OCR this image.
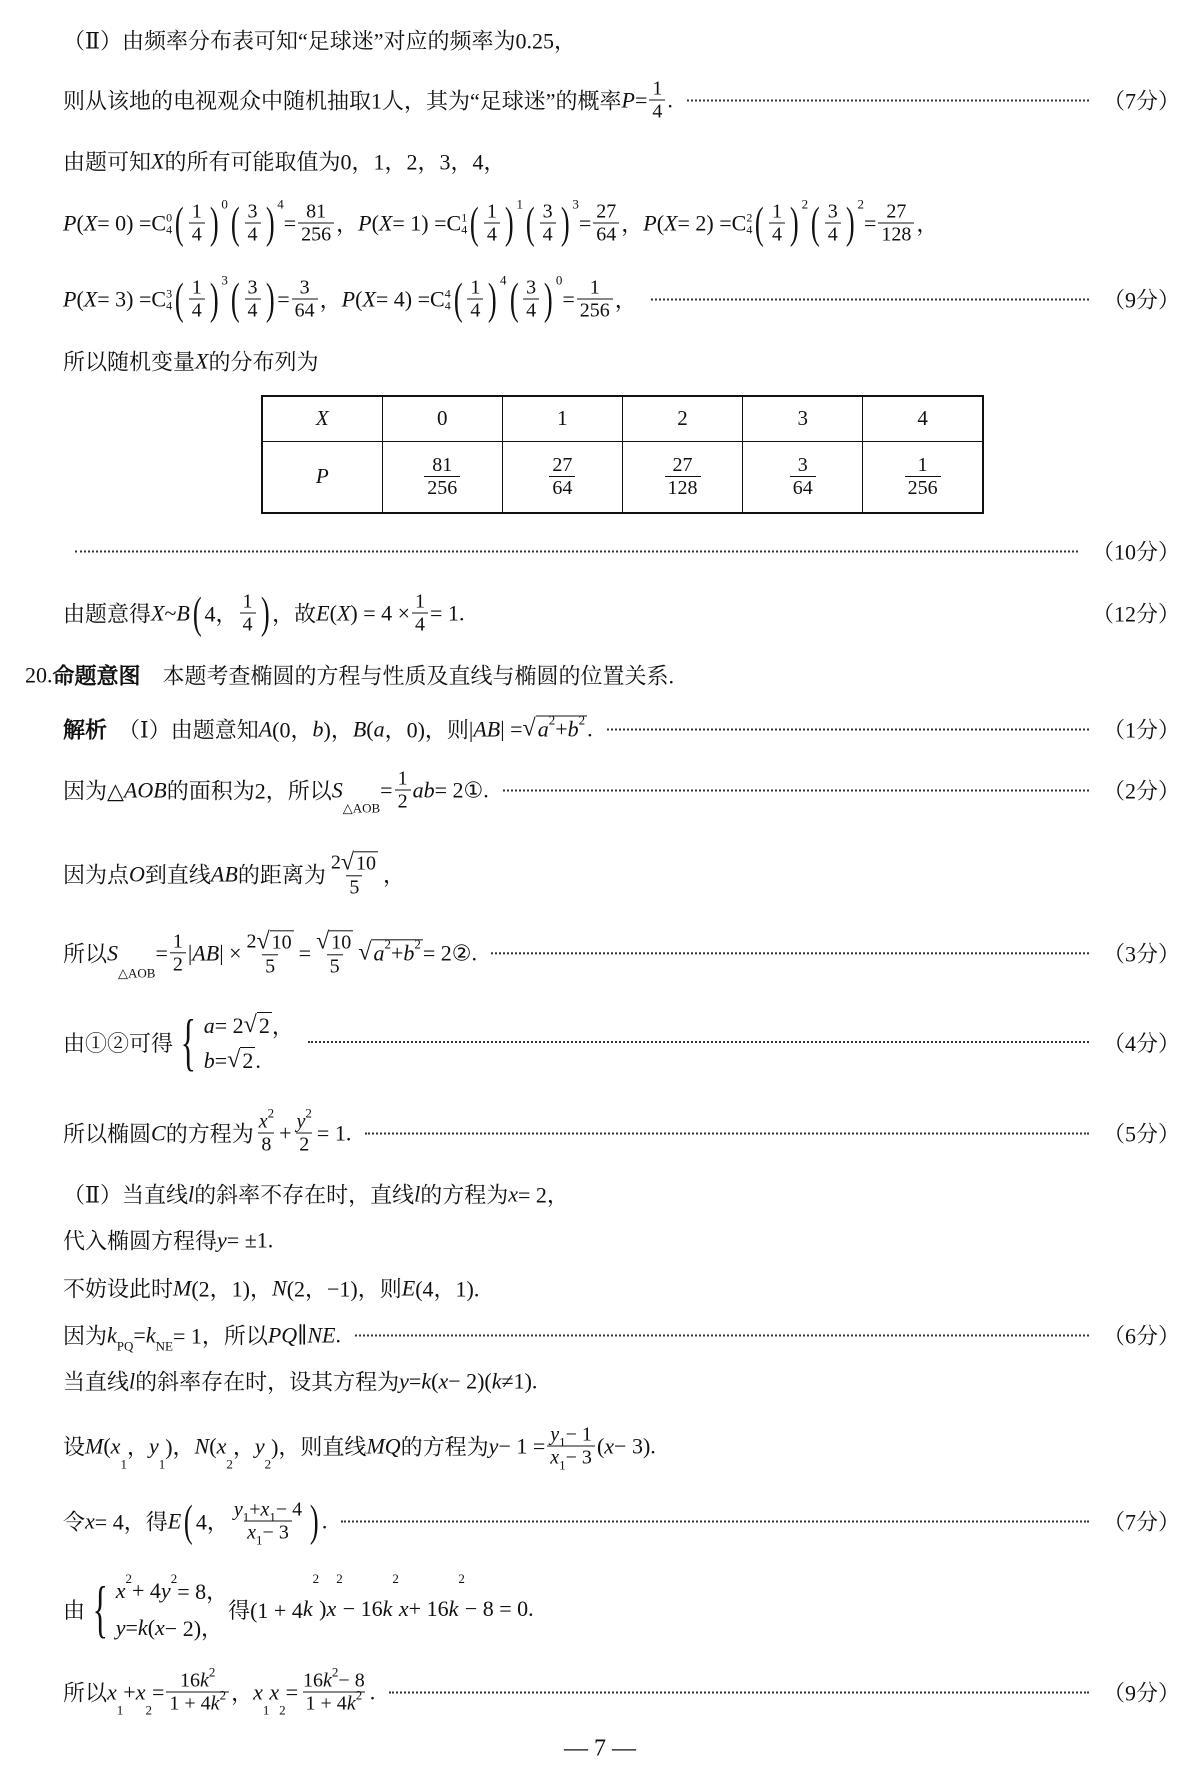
（Ⅱ）由频率分布表可知“足球迷”对应的频率为0.25，
则从该地的电视观众中随机抽取1人，其为“足球迷”的概率 $P = \frac{1}{4}$ .	（7分）
由题可知 X 的所有可能取值为0，1，2，3，4，
P ( X = 0) = C 0
4 ( $\frac{1}{4}$ ) 0 ( $\frac{3}{4}$ ) 4
= $\frac{81}{256}$ ， P ( X = 1) = C 1
4 ( $\frac{1}{4}$ ) 1 ( $\frac{3}{4}$ ) 3
= $\frac{27}{64}$ ， P ( X = 2) = C 2
4 ( $\frac{1}{4}$ ) 2 ( $\frac{3}{4}$ ) 2
= $\frac{27}{128}$ ，
P ( X = 3) = C 3
4 ( $\frac{1}{4}$ ) 3 ( $\frac{3}{4}$ ) = $\frac{3}{64}$ ， P ( X = 4) = C 4
4 ( $\frac{1}{4}$ ) 4 ( $\frac{3}{4}$ ) 0
= $\frac{1}{256}$ ，	（9分）
所以随机变量 X 的分布列为
（10分）
由题意得 X ~ B ( 4， $\frac{1}{4}$ ) ，故 E ( X ) = $4 \times \frac{1}{4} = 1$.	（12分）
20. 命题意图 　本题考查椭圆的方程与性质及直线与椭圆的位置关系.
解析 　（Ⅰ）由题意知 A (0， b )， B ( a ，0)，则| AB | = √ a 2 + b 2 .	（1分）
因为△ AOB 的面积为2，所以 S
△AOB
= $\frac{1}{2}$ ab = 2①.	（2分）
因为点 O 到直线 AB 的距离为 $\frac{2 √ 10}{5}$ ，
所以 S
△AOB
= $\frac{1}{2}$ | AB | × $\frac{2 √ 10}{5} = \frac{√ 10}{5}$ √ a 2 + b 2 = 2②.	（3分）
由①②可得 { a = 2 √ 2 ，
b = √ 2 .
（4分）
所以椭圆 C 的方程为 $\frac{x 2}{8} + \frac{y 2}{2} = 1$.	（5分）
（Ⅱ）当直线 l 的斜率不存在时，直线 l 的方程为 x = 2，
代入椭圆方程得 y = ±1.
不妨设此时 M (2，1)， N (2，−1)，则 E (4，1).
因为 k PQ = k NE = 1，所以 PQ ∥ NE .	（6分）
当直线 l 的斜率存在时，设其方程为 y = k ( x − 2)( k ≠1).
设 M ( x
1
， y
1
)， N ( x
2
， y
2
)，则直线 MQ 的方程为 $y - 1 = \frac{y 1 - 1}{x 1 - 3}$ ( x − 3).
令 x = 4，得 E ( 4， $\frac{y 1 + x 1 - 4}{x 1 - 3}$ ) .	（7分）
由 { x 2 + 4 y 2
= 8，
y = k ( x − 2)，
得(1 + 4 k
2
) x
2
− 16 k
2
x + 16 k
2
− 8 = 0.
所以 x
1
+ x
2
= $\frac{16 k 2}{1 + 4 k 2}$ ， x
1
x
2
= $\frac{16 k 2 - 8}{1 + 4 k 2}$ .	（9分）
X	0	1	2	3	4
P	$\frac{81}{256}$	$\frac{27}{64}$	$\frac{27}{128}$	$\frac{3}{64}$	$\frac{1}{256}$
— 7 —
